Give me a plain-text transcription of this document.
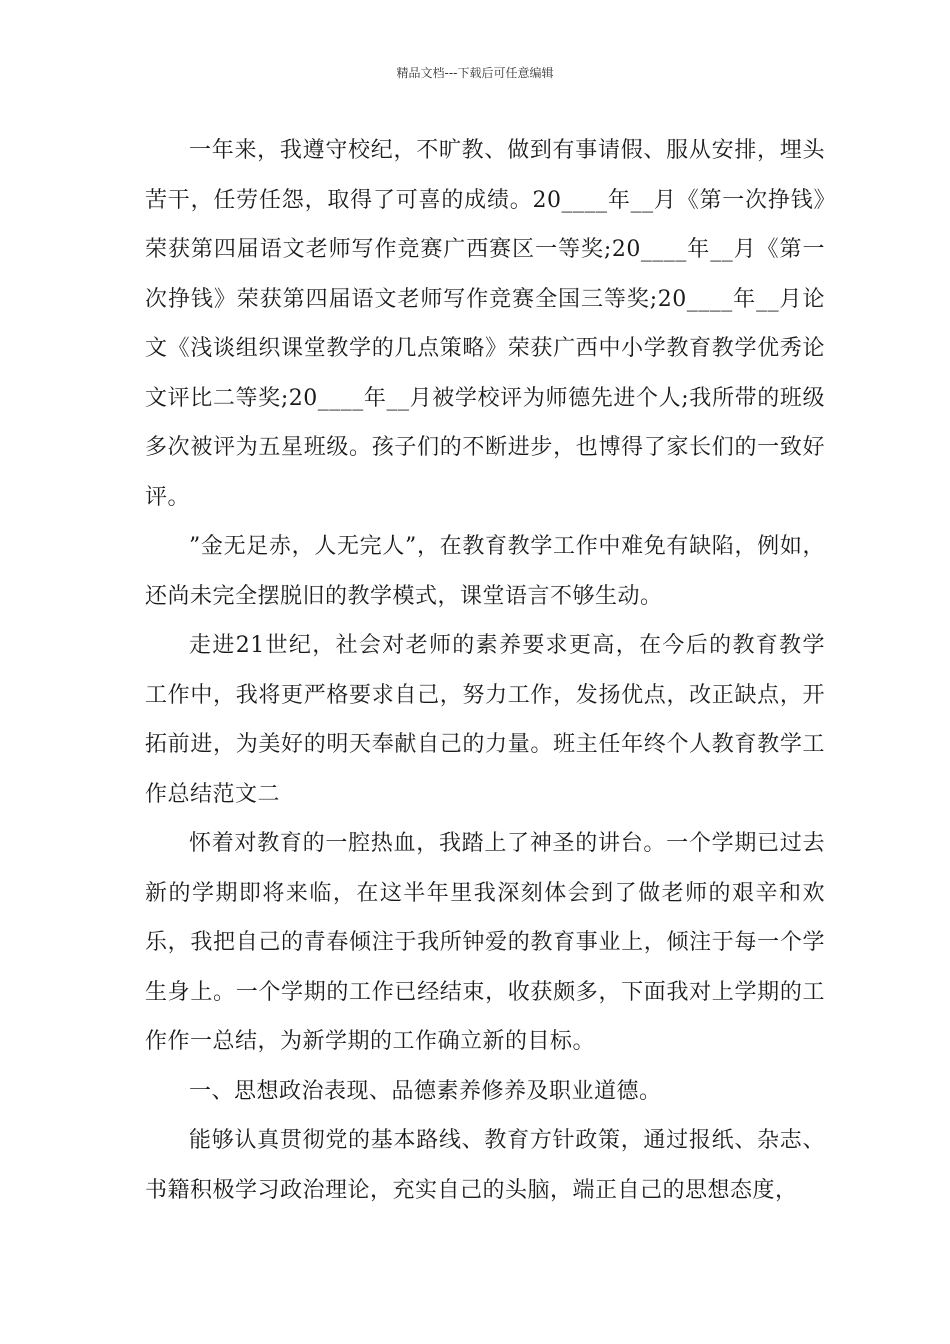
精品文档---下载后可任意编辑

一年来，我遵守校纪，不旷教、做到有事请假、服从安排，埋头苦干，任劳任怨，取得了可喜的成绩。20____年__月《第一次挣钱》荣获第四届语文老师写作竞赛广西赛区一等奖;20____年__月《第一次挣钱》荣获第四届语文老师写作竞赛全国三等奖;20____年__月论文《浅谈组织课堂教学的几点策略》荣获广西中小学教育教学优秀论文评比二等奖;20____年__月被学校评为师德先进个人;我所带的班级多次被评为五星班级。孩子们的不断进步，也博得了家长们的一致好评。

”金无足赤，人无完人”，在教育教学工作中难免有缺陷，例如，还尚未完全摆脱旧的教学模式，课堂语言不够生动。

走进21世纪，社会对老师的素养要求更高，在今后的教育教学工作中，我将更严格要求自己，努力工作，发扬优点，改正缺点，开拓前进，为美好的明天奉献自己的力量。班主任年终个人教育教学工作总结范文二

怀着对教育的一腔热血，我踏上了神圣的讲台。一个学期已过去新的学期即将来临，在这半年里我深刻体会到了做老师的艰辛和欢乐，我把自己的青春倾注于我所钟爱的教育事业上，倾注于每一个学生身上。一个学期的工作已经结束，收获颇多，下面我对上学期的工作作一总结，为新学期的工作确立新的目标。

一、思想政治表现、品德素养修养及职业道德。

能够认真贯彻党的基本路线、教育方针政策，通过报纸、杂志、书籍积极学习政治理论，充实自己的头脑，端正自己的思想态度，
